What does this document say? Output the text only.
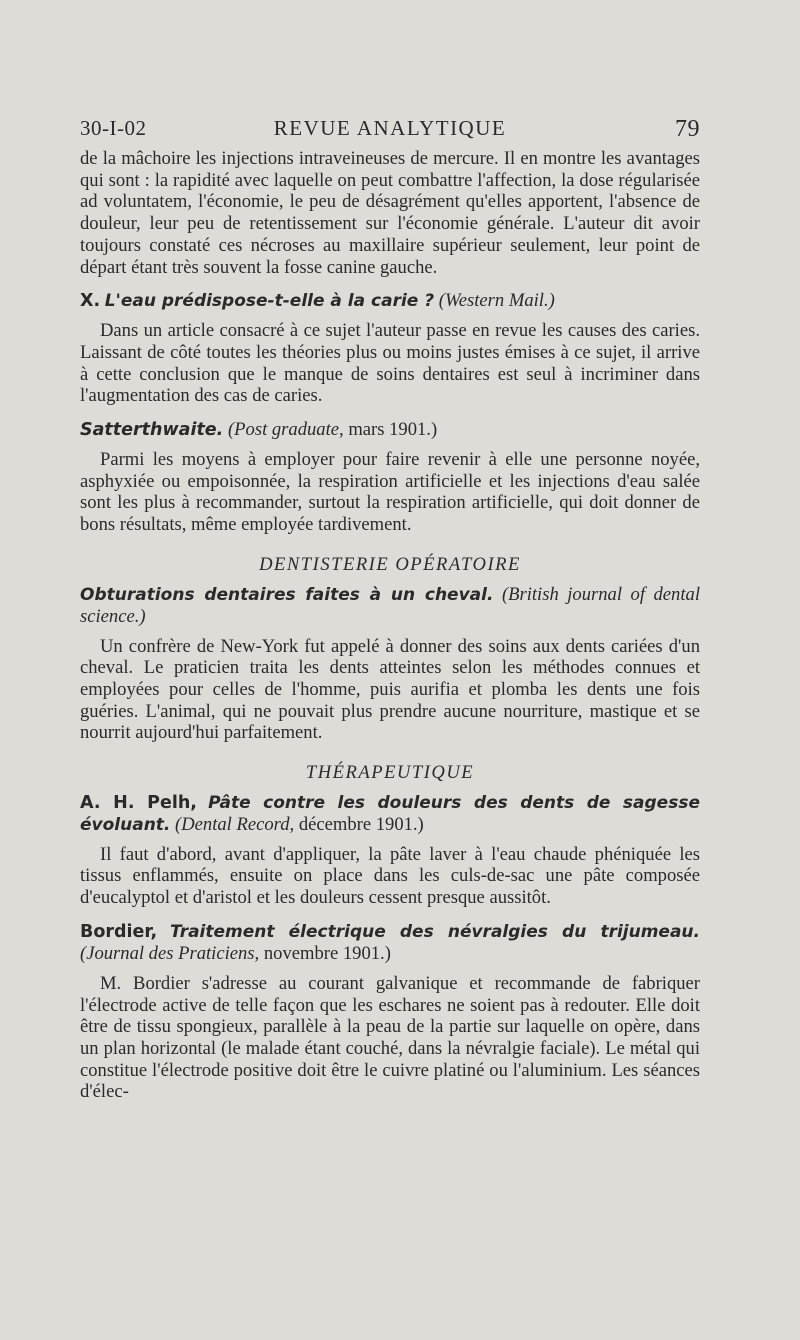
30-I-02	REVUE ANALYTIQUE	79

de la mâchoire les injections intraveineuses de mercure. Il en montre les avantages qui sont : la rapidité avec laquelle on peut combattre l'affection, la dose régularisée ad voluntatem, l'économie, le peu de désagrément qu'elles apportent, l'absence de douleur, leur peu de retentissement sur l'économie générale. L'auteur dit avoir toujours constaté ces nécroses au maxillaire supérieur seulement, leur point de départ étant très souvent la fosse canine gauche.

X. L'eau prédispose-t-elle à la carie ? (Western Mail.)

Dans un article consacré à ce sujet l'auteur passe en revue les causes des caries. Laissant de côté toutes les théories plus ou moins justes émises à ce sujet, il arrive à cette conclusion que le manque de soins dentaires est seul à incriminer dans l'augmentation des cas de caries.

Satterthwaite. (Post graduate, mars 1901.)

Parmi les moyens à employer pour faire revenir à elle une personne noyée, asphyxiée ou empoisonnée, la respiration artificielle et les injections d'eau salée sont les plus à recommander, surtout la respiration artificielle, qui doit donner de bons résultats, même employée tardivement.

DENTISTERIE OPÉRATOIRE
Obturations dentaires faites à un cheval. (British journal of dental science.)

Un confrère de New-York fut appelé à donner des soins aux dents cariées d'un cheval. Le praticien traita les dents atteintes selon les méthodes connues et employées pour celles de l'homme, puis aurifia et plomba les dents une fois guéries. L'animal, qui ne pouvait plus prendre aucune nourriture, mastique et se nourrit aujourd'hui parfaitement.

THÉRAPEUTIQUE
A. H. Pelh, Pâte contre les douleurs des dents de sagesse évoluant. (Dental Record, décembre 1901.)

Il faut d'abord, avant d'appliquer, la pâte laver à l'eau chaude phéniquée les tissus enflammés, ensuite on place dans les culs-de-sac une pâte composée d'eucalyptol et d'aristol et les douleurs cessent presque aussitôt.

Bordier, Traitement électrique des névralgies du trijumeau. (Journal des Praticiens, novembre 1901.)

M. Bordier s'adresse au courant galvanique et recommande de fabriquer l'électrode active de telle façon que les eschares ne soient pas à redouter. Elle doit être de tissu spongieux, parallèle à la peau de la partie sur laquelle on opère, dans un plan horizontal (le malade étant couché, dans la névralgie faciale). Le métal qui constitue l'électrode positive doit être le cuivre platiné ou l'aluminium. Les séances d'élec-
